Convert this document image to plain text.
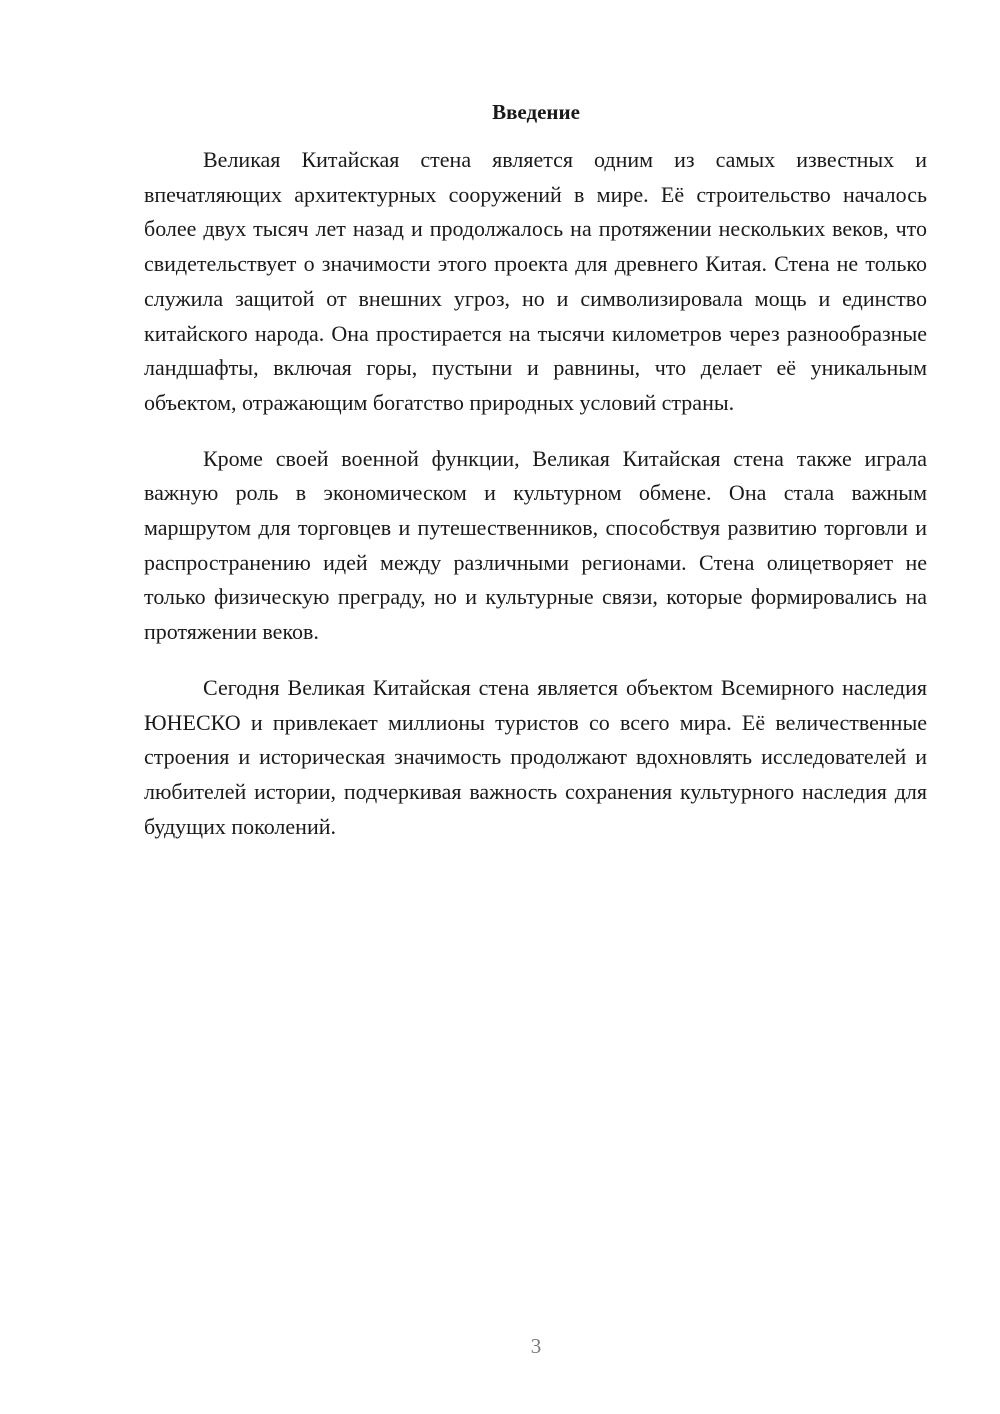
Введение

Великая Китайская стена является одним из самых известных и впечатляющих архитектурных сооружений в мире. Её строительство началось более двух тысяч лет назад и продолжалось на протяжении нескольких веков, что свидетельствует о значимости этого проекта для древнего Китая. Стена не только служила защитой от внешних угроз, но и символизировала мощь и единство китайского народа. Она простирается на тысячи километров через разнообразные ландшафты, включая горы, пустыни и равнины, что делает её уникальным объектом, отражающим богатство природных условий страны.

Кроме своей военной функции, Великая Китайская стена также играла важную роль в экономическом и культурном обмене. Она стала важным маршрутом для торговцев и путешественников, способствуя развитию торговли и распространению идей между различными регионами. Стена олицетворяет не только физическую преграду, но и культурные связи, которые формировались на протяжении веков.

Сегодня Великая Китайская стена является объектом Всемирного наследия ЮНЕСКО и привлекает миллионы туристов со всего мира. Её величественные строения и историческая значимость продолжают вдохновлять исследователей и любителей истории, подчеркивая важность сохранения культурного наследия для будущих поколений.

3
